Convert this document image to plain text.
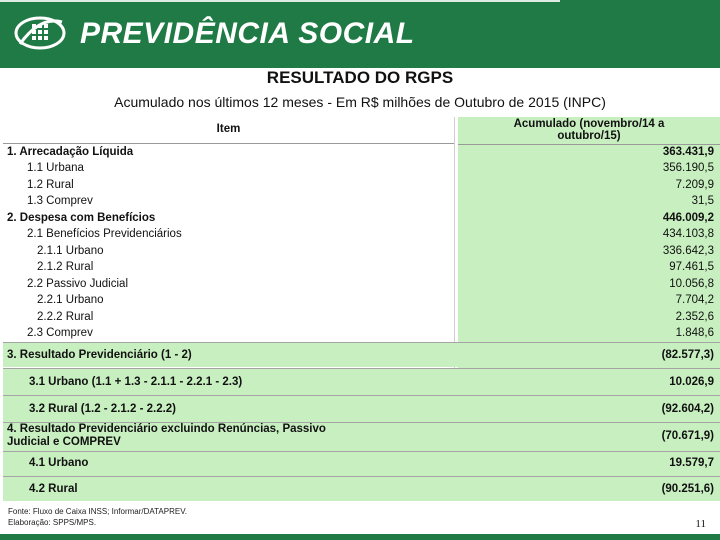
PREVIDÊNCIA SOCIAL
RESULTADO DO RGPS
Acumulado nos últimos 12 meses - Em R$ milhões de Outubro de 2015 (INPC)
Item	Acumulado (novembro/14 a
outubro/15)
1. Arrecadação Líquida	363.431,9
1.1 Urbana	356.190,5
1.2 Rural	7.209,9
1.3 Comprev	31,5
2. Despesa com Benefícios	446.009,2
2.1 Benefícios Previdenciários	434.103,8
2.1.1 Urbano	336.642,3
2.1.2 Rural	97.461,5
2.2 Passivo Judicial	10.056,8
2.2.1 Urbano	7.704,2
2.2.2 Rural	2.352,6
2.3 Comprev	1.848,6
3. Resultado Previdenciário (1 - 2)	(82.577,3)
3.1 Urbano (1.1 + 1.3 - 2.1.1 - 2.2.1 - 2.3)	10.026,9
3.2 Rural (1.2 - 2.1.2 - 2.2.2)	(92.604,2)
4. Resultado Previdenciário excluindo Renúncias, Passivo
Judicial e COMPREV	(70.671,9)
4.1 Urbano	19.579,7
4.2 Rural	(90.251,6)
Fonte: Fluxo de Caixa INSS; Informar/DATAPREV.
Elaboração: SPPS/MPS.	11
